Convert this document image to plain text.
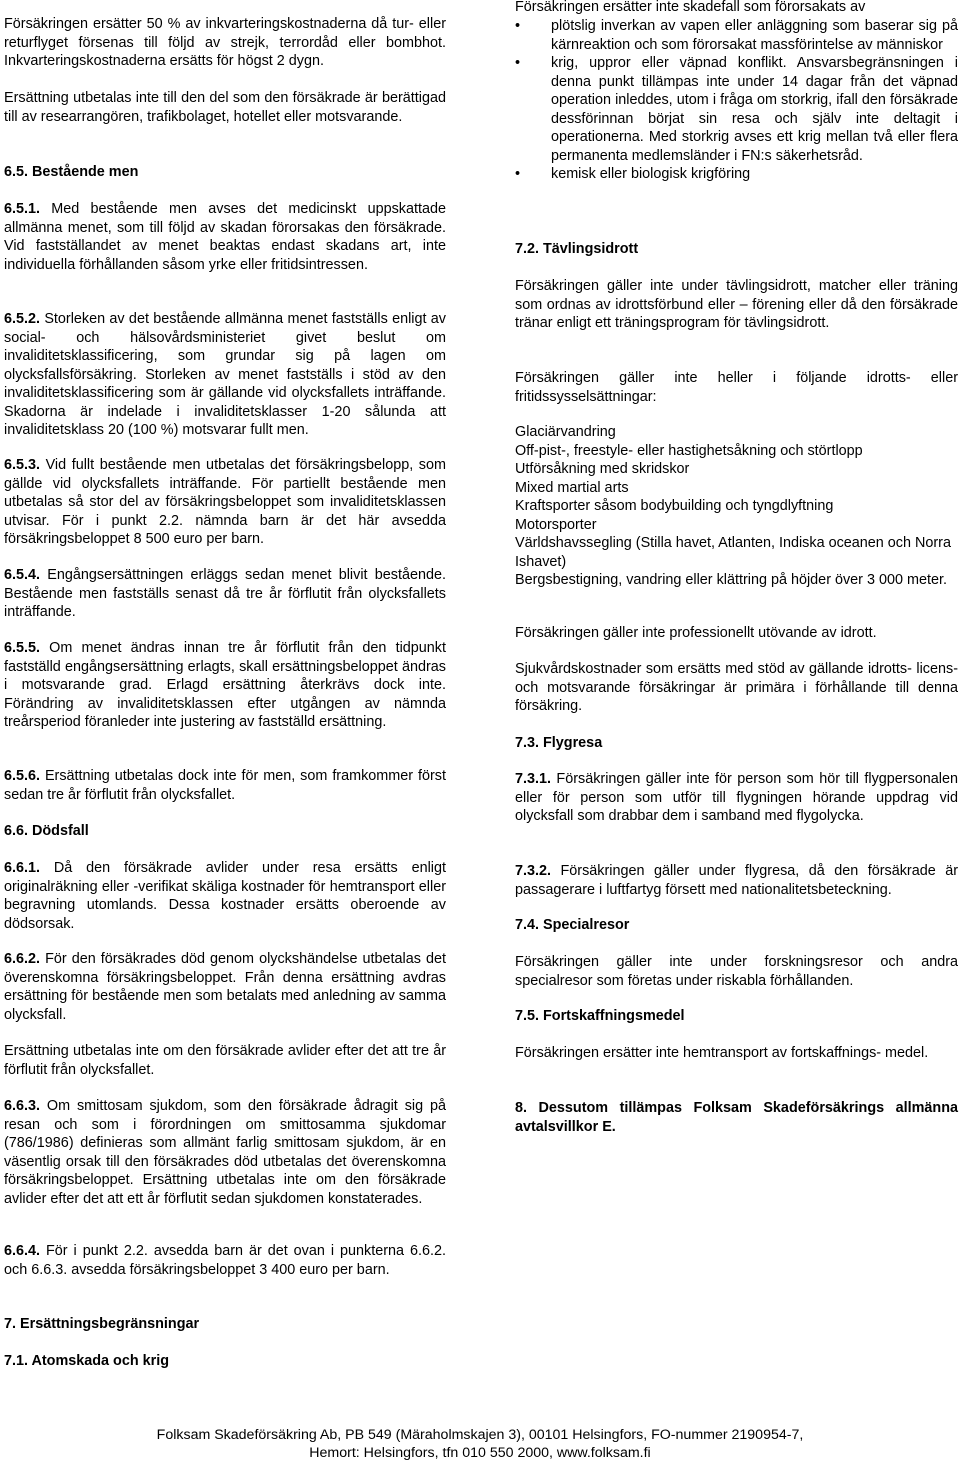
Försäkringen ersätter 50 % av inkvarteringskostnaderna då tur- eller returflyget försenas till följd av strejk, terrordåd eller bombhot. Inkvarteringskostnaderna ersätts för högst 2 dygn.

Ersättning utbetalas inte till den del som den försäkrade är berättigad till av researrangören, trafikbolaget, hotellet eller motsvarande.

6.5. Bestående men

6.5.1. Med bestående men avses det medicinskt uppskattade allmänna menet, som till följd av skadan förorsakas den försäkrade. Vid fastställandet av menet beaktas endast skadans art, inte individuella förhållanden såsom yrke eller fritidsintressen.

6.5.2. Storleken av det bestående allmänna menet fastställs enligt av social- och hälsovårdsministeriet givet beslut om invaliditetsklassificering, som grundar sig på lagen om olycksfallsförsäkring. Storleken av menet fastställs i stöd av den invaliditetsklassificering som är gällande vid olycksfallets inträffande. Skadorna är indelade i invaliditetsklasser 1-20 sålunda att invaliditetsklass 20 (100 %) motsvarar fullt men.

6.5.3. Vid fullt bestående men utbetalas det försäkringsbelopp, som gällde vid olycksfallets inträffande. För partiellt bestående men utbetalas så stor del av försäkringsbeloppet som invaliditetsklassen utvisar. För i punkt 2.2. nämnda barn är det här avsedda försäkringsbeloppet 8 500 euro per barn.

6.5.4. Engångsersättningen erläggs sedan menet blivit bestående. Bestående men fastställs senast då tre år förflutit från olycksfallets inträffande.

6.5.5. Om menet ändras innan tre år förflutit från den tidpunkt fastställd engångsersättning erlagts, skall ersättningsbeloppet ändras i motsvarande grad. Erlagd ersättning återkrävs dock inte. Förändring av invaliditetsklassen efter utgången av nämnda treårsperiod föranleder inte justering av fastställd ersättning.

6.5.6. Ersättning utbetalas dock inte för men, som framkommer först sedan tre år förflutit från olycksfallet.

6.6. Dödsfall

6.6.1. Då den försäkrade avlider under resa ersätts enligt originalräkning eller -verifikat skäliga kostnader för hemtransport eller begravning utomlands. Dessa kostnader ersätts oberoende av dödsorsak.

6.6.2. För den försäkrades död genom olyckshändelse utbetalas det överenskomna försäkringsbeloppet. Från denna ersättning avdras ersättning för bestående men som betalats med anledning av samma olycksfall.

Ersättning utbetalas inte om den försäkrade avlider efter det att tre år förflutit från olycksfallet.

6.6.3. Om smittosam sjukdom, som den försäkrade ådragit sig på resan och som i förordningen om smittosamma sjukdomar (786/1986) definieras som allmänt farlig smittosam sjukdom, är en väsentlig orsak till den försäkrades död utbetalas det överenskomna försäkringsbeloppet. Ersättning utbetalas inte om den försäkrade avlider efter det att ett år förflutit sedan sjukdomen konstaterades.

6.6.4. För i punkt 2.2. avsedda barn är det ovan i punkterna 6.6.2. och 6.6.3. avsedda försäkringsbeloppet 3 400 euro per barn.

7. Ersättningsbegränsningar

7.1. Atomskada och krig

Försäkringen ersätter inte skadefall som förorsakats av

• plötslig inverkan av vapen eller anläggning som baserar sig på kärnreaktion och som förorsakat massförintelse av människor
• krig, uppror eller väpnad konflikt. Ansvarsbegränsningen i denna punkt tillämpas inte under 14 dagar från det väpnad operation inleddes, utom i fråga om storkrig, ifall den försäkrade dessförinnan börjat sin resa och själv inte deltagit i operationerna. Med storkrig avses ett krig mellan två eller flera permanenta medlemsländer i FN:s säkerhetsråd.
• kemisk eller biologisk krigföring

7.2. Tävlingsidrott

Försäkringen gäller inte under tävlingsidrott, matcher eller träning som ordnas av idrottsförbund eller – förening eller då den försäkrade tränar enligt ett träningsprogram för tävlingsidrott.

Försäkringen gäller inte heller i följande idrotts- eller fritidssysselsättningar:

Glaciärvandring
Off-pist-, freestyle- eller hastighetsåkning och störtlopp
Utförsåkning med skridskor
Mixed martial arts
Kraftsporter såsom bodybuilding och tyngdlyftning
Motorsporter
Världshavssegling (Stilla havet, Atlanten, Indiska oceanen och Norra Ishavet)
Bergsbestigning, vandring eller klättring på höjder över 3 000 meter.

Försäkringen gäller inte professionellt utövande av idrott.

Sjukvårdskostnader som ersätts med stöd av gällande idrotts- licens- och motsvarande försäkringar är primära i förhållande till denna försäkring.

7.3. Flygresa

7.3.1. Försäkringen gäller inte för person som hör till flygpersonalen eller för person som utför till flygningen hörande uppdrag vid olycksfall som drabbar dem i samband med flygolycka.

7.3.2. Försäkringen gäller under flygresa, då den försäkrade är passagerare i luftfartyg försett med nationalitetsbeteckning.

7.4. Specialresor

Försäkringen gäller inte under forskningsresor och andra specialresor som företas under riskabla förhållanden.

7.5. Fortskaffningsmedel

Försäkringen ersätter inte hemtransport av fortskaffnings- medel.

8. Dessutom tillämpas Folksam Skadeförsäkrings allmänna avtalsvillkor E.

Folksam Skadeförsäkring Ab, PB 549 (Märaholmskajen 3), 00101 Helsingfors, FO-nummer 2190954-7,
Hemort: Helsingfors, tfn 010 550 2000, www.folksam.fi
